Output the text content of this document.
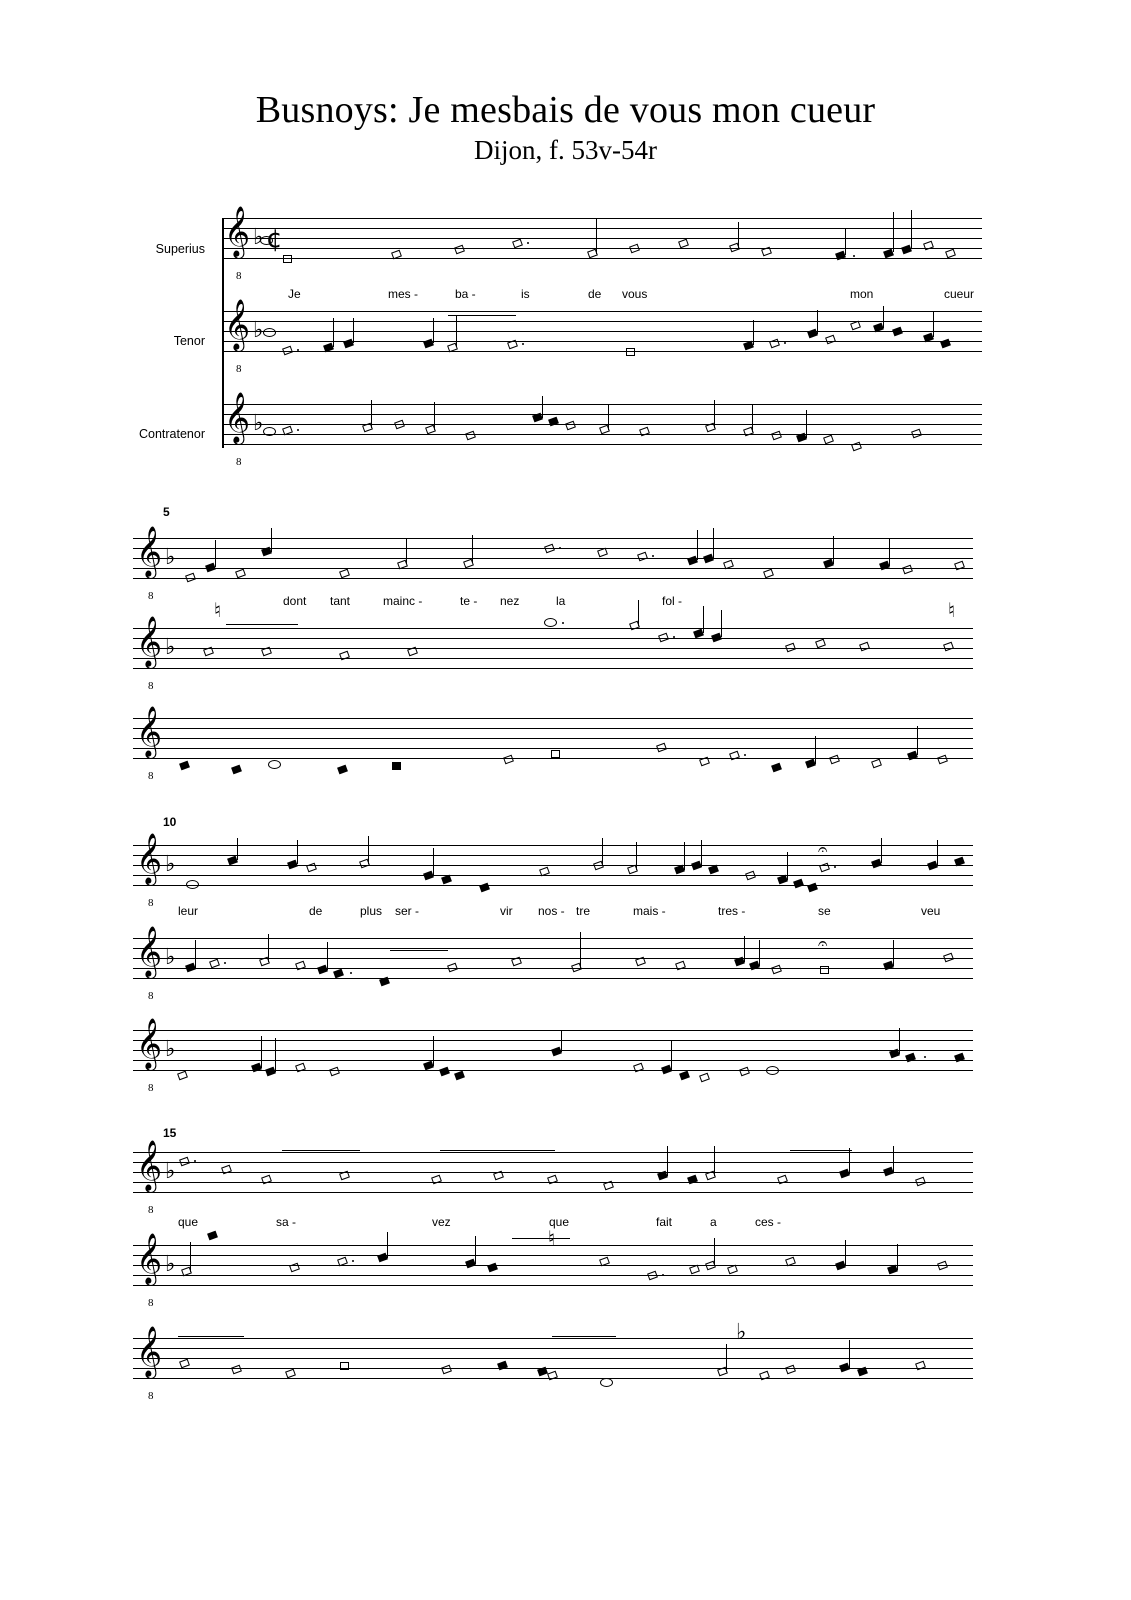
Busnoys: Je mesbais de vous mon cueur
Dijon, f. 53v-54r
Superius
Tenor
Contratenor
𝄞
8
♭ ¢
𝄞
8
♭
𝄞
8
♭
Je	mes -	ba -	is	de vous	mon	cueur
5
𝄞
8
♭
dont tant	mainc -	te - nez	la	fol -
𝄞
8
♭
♮	♮
𝄞
8
10
𝄞
8
♭
𝄐
leur	de	plus ser -	vir nos - tre	mais -	tres -	se	veu
𝄞
8
♭
𝄐
𝄞
8
♭
15
𝄞
8
♭
que	sa -	vez	que	fait	a	ces -
𝄞
8
♭
♮
𝄞
8
♭
